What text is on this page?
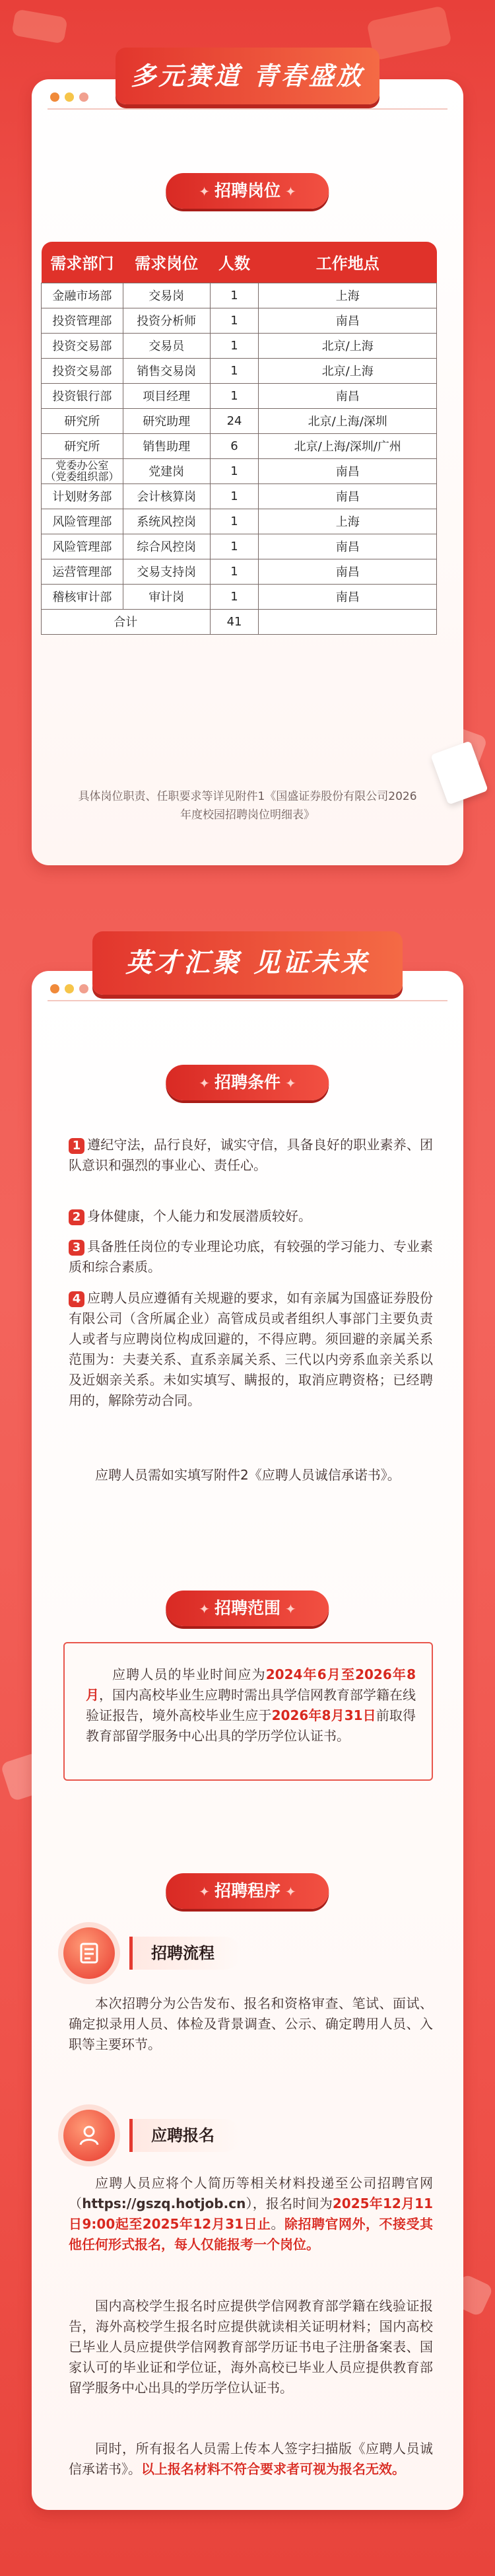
多元赛道 青春盛放
✦ 招聘岗位 ✦
需求部门	需求岗位	人数	工作地点
金融市场部	交易岗	1	上海
投资管理部	投资分析师	1	南昌
投资交易部	交易员	1	北京/上海
投资交易部	销售交易岗	1	北京/上海
投资银行部	项目经理	1	南昌
研究所	研究助理	24	北京/上海/深圳
研究所	销售助理	6	北京/上海/深圳/广州
党委办公室
（党委组织部）	党建岗	1	南昌
计划财务部	会计核算岗	1	南昌
风险管理部	系统风控岗	1	上海
风险管理部	综合风控岗	1	南昌
运营管理部	交易支持岗	1	南昌
稽核审计部	审计岗	1	南昌
合计		41	
具体岗位职责、任职要求等详见附件1《国盛证券股份有限公司2026年度校园招聘岗位明细表》
英才汇聚 见证未来
✦ 招聘条件 ✦
1 遵纪守法，品行良好，诚实守信，具备良好的职业素养、团队意识和强烈的事业心、责任心。
2 身体健康，个人能力和发展潜质较好。
3 具备胜任岗位的专业理论功底，有较强的学习能力、专业素质和综合素质。
4 应聘人员应遵循有关规避的要求，如有亲属为国盛证券股份有限公司（含所属企业）高管成员或者组织人事部门主要负责人或者与应聘岗位构成回避的，不得应聘。须回避的亲属关系范围为：夫妻关系、直系亲属关系、三代以内旁系血亲关系以及近姻亲关系。未如实填写、瞒报的，取消应聘资格；已经聘用的，解除劳动合同。
应聘人员需如实填写附件2《应聘人员诚信承诺书》。
✦ 招聘范围 ✦
应聘人员的毕业时间应为2024年6月至2026年8月，国内高校毕业生应聘时需出具学信网教育部学籍在线验证报告，境外高校毕业生应于2026年8月31日前取得教育部留学服务中心出具的学历学位认证书。
✦ 招聘程序 ✦
招聘流程
本次招聘分为公告发布、报名和资格审查、笔试、面试、确定拟录用人员、体检及背景调查、公示、确定聘用人员、入职等主要环节。
应聘报名
应聘人员应将个人简历等相关材料投递至公司招聘官网（https://gszq.hotjob.cn），报名时间为2025年12月11日9:00起至2025年12月31日止。除招聘官网外，不接受其他任何形式报名，每人仅能报考一个岗位。
国内高校学生报名时应提供学信网教育部学籍在线验证报告，海外高校学生报名时应提供就读相关证明材料；国内高校已毕业人员应提供学信网教育部学历证书电子注册备案表、国家认可的毕业证和学位证，海外高校已毕业人员应提供教育部留学服务中心出具的学历学位认证书。
同时，所有报名人员需上传本人签字扫描版《应聘人员诚信承诺书》。以上报名材料不符合要求者可视为报名无效。
